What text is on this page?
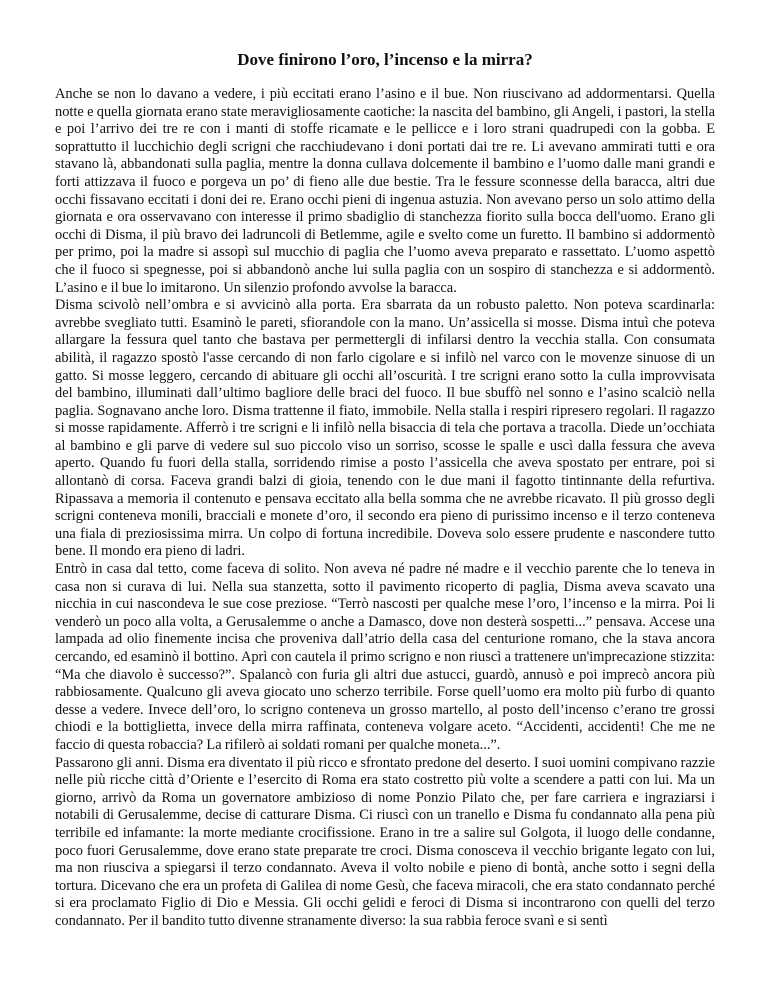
Dove finirono l’oro, l’incenso e la mirra?

Anche se non lo davano a vedere, i più eccitati erano l’asino e il bue. Non riuscivano ad addormentarsi. Quella notte e quella giornata erano state meravigliosamente caotiche: la nascita del bambino, gli Angeli, i pastori, la stella e poi l’arrivo dei tre re con i manti di stoffe ricamate e le pellicce e i loro strani quadrupedi con la gobba. E soprattutto il lucchichio degli scrigni che racchiudevano i doni portati dai tre re. Li avevano ammirati tutti e ora stavano là, abbandonati sulla paglia, mentre la donna cullava dolcemente il bambino e l’uomo dalle mani grandi e forti attizzava il fuoco e porgeva un po’ di fieno alle due bestie. Tra le fessure sconnesse della baracca, altri due occhi fissavano eccitati i doni dei re. Erano occhi pieni di ingenua astuzia. Non avevano perso un solo attimo della giornata e ora osservavano con interesse il primo sbadiglio di stanchezza fiorito sulla bocca dell'uomo. Erano gli occhi di Disma, il più bravo dei ladruncoli di Betlemme, agile e svelto come un furetto. Il bambino si addormentò per primo, poi la madre si assopì sul mucchio di paglia che l’uomo aveva preparato e rassettato. L’uomo aspettò che il fuoco si spegnesse, poi si abbandonò anche lui sulla paglia con un sospiro di stanchezza e si addormentò. L’asino e il bue lo imitarono. Un silenzio profondo avvolse la baracca.

Disma scivolò nell’ombra e si avvicinò alla porta. Era sbarrata da un robusto paletto. Non poteva scardinarla: avrebbe svegliato tutti. Esaminò le pareti, sfiorandole con la mano. Un’assicella si mosse. Disma intuì che poteva allargare la fessura quel tanto che bastava per permettergli di infilarsi dentro la vecchia stalla. Con consumata abilità, il ragazzo spostò l'asse cercando di non farlo cigolare e si infilò nel varco con le movenze sinuose di un gatto. Si mosse leggero, cercando di abituare gli occhi all’oscurità. I tre scrigni erano sotto la culla improvvisata del bambino, illuminati dall’ultimo bagliore delle braci del fuoco. Il bue sbuffò nel sonno e l’asino scalciò nella paglia. Sognavano anche loro. Disma trattenne il fiato, immobile. Nella stalla i respiri ripresero regolari. Il ragazzo si mosse rapidamente. Afferrò i tre scrigni e li infilò nella bisaccia di tela che portava a tracolla. Diede un’occhiata al bambino e gli parve di vedere sul suo piccolo viso un sorriso, scosse le spalle e uscì dalla fessura che aveva aperto. Quando fu fuori della stalla, sorridendo rimise a posto l’assicella che aveva spostato per entrare, poi si allontanò di corsa. Faceva grandi balzi di gioia, tenendo con le due mani il fagotto tintinnante della refurtiva. Ripassava a memoria il contenuto e pensava eccitato alla bella somma che ne avrebbe ricavato. Il più grosso degli scrigni conteneva monili, bracciali e monete d’oro, il secondo era pieno di purissimo incenso e il terzo conteneva una fiala di preziosissima mirra. Un colpo di fortuna incredibile. Doveva solo essere prudente e nascondere tutto bene. Il mondo era pieno di ladri.

Entrò in casa dal tetto, come faceva di solito. Non aveva né padre né madre e il vecchio parente che lo teneva in casa non si curava di lui. Nella sua stanzetta, sotto il pavimento ricoperto di paglia, Disma aveva scavato una nicchia in cui nascondeva le sue cose preziose. “Terrò nascosti per qualche mese l’oro, l’incenso e la mirra. Poi li venderò un poco alla volta, a Gerusalemme o anche a Damasco, dove non desterà sospetti...” pensava. Accese una lampada ad olio finemente incisa che proveniva dall’atrio della casa del centurione romano, che la stava ancora cercando, ed esaminò il bottino. Aprì con cautela il primo scrigno e non riuscì a trattenere un'imprecazione stizzita: “Ma che diavolo è successo?”. Spalancò con furia gli altri due astucci, guardò, annusò e poi imprecò ancora più rabbiosamente. Qualcuno gli aveva giocato uno scherzo terribile. Forse quell’uomo era molto più furbo di quanto desse a vedere. Invece dell’oro, lo scrigno conteneva un grosso martello, al posto dell’incenso c’erano tre grossi chiodi e la bottiglietta, invece della mirra raffinata, conteneva volgare aceto. “Accidenti, accidenti! Che me ne faccio di questa robaccia? La rifilerò ai soldati romani per qualche moneta...”.

Passarono gli anni. Disma era diventato il più ricco e sfrontato predone del deserto. I suoi uomini compivano razzie nelle più ricche città d’Oriente e l’esercito di Roma era stato costretto più volte a scendere a patti con lui. Ma un giorno, arrivò da Roma un governatore ambizioso di nome Ponzio Pilato che, per fare carriera e ingraziarsi i notabili di Gerusalemme, decise di catturare Disma. Ci riuscì con un tranello e Disma fu condannato alla pena più terribile ed infamante: la morte mediante crocifissione. Erano in tre a salire sul Golgota, il luogo delle condanne, poco fuori Gerusalemme, dove erano state preparate tre croci. Disma conosceva il vecchio brigante legato con lui, ma non riusciva a spiegarsi il terzo condannato. Aveva il volto nobile e pieno di bontà, anche sotto i segni della tortura. Dicevano che era un profeta di Galilea di nome Gesù, che faceva miracoli, che era stato condannato perché si era proclamato Figlio di Dio e Messia. Gli occhi gelidi e feroci di Disma si incontrarono con quelli del terzo condannato. Per il bandito tutto divenne stranamente diverso: la sua rabbia feroce svanì e si sentì
